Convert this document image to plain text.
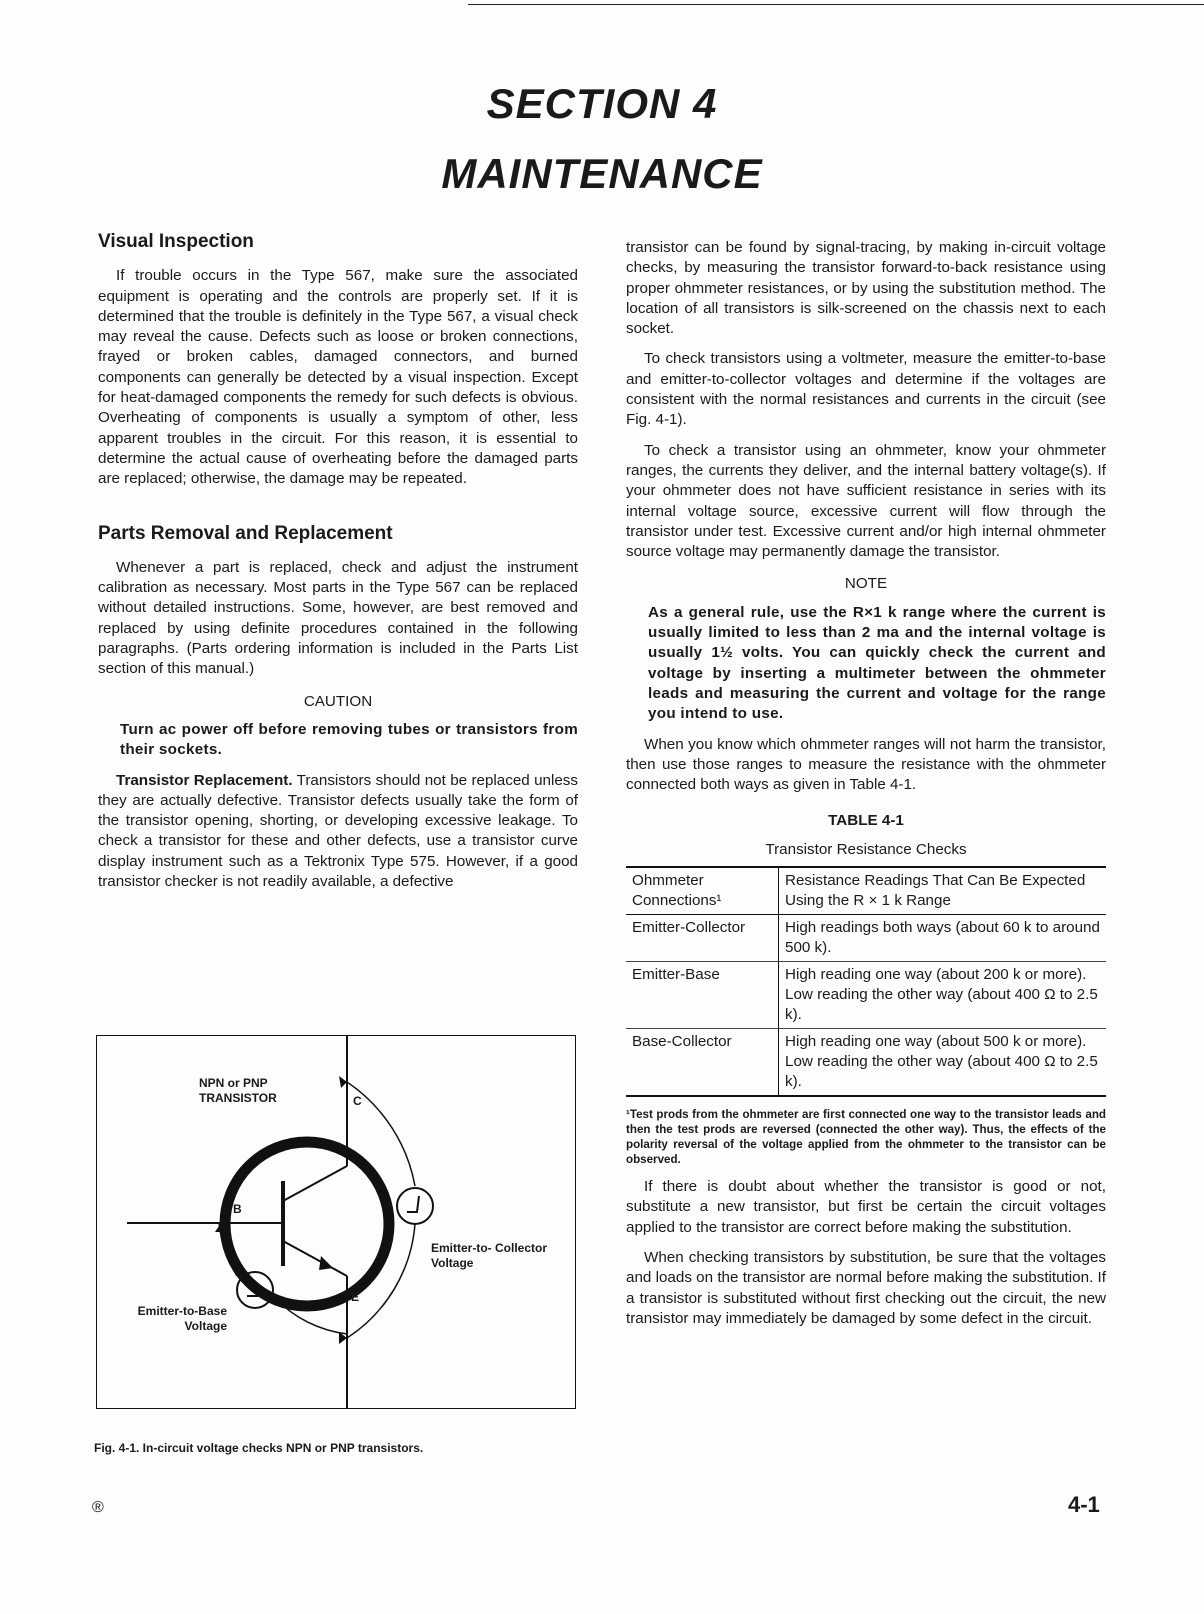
SECTION 4
MAINTENANCE
Visual Inspection

If trouble occurs in the Type 567, make sure the associated equipment is operating and the controls are properly set. If it is determined that the trouble is definitely in the Type 567, a visual check may reveal the cause. Defects such as loose or broken connections, frayed or broken cables, damaged connectors, and burned components can generally be detected by a visual inspection. Except for heat-damaged components the remedy for such defects is obvious. Overheating of components is usually a symptom of other, less apparent troubles in the circuit. For this reason, it is essential to determine the actual cause of overheating before the damaged parts are replaced; otherwise, the damage may be repeated.

Parts Removal and Replacement

Whenever a part is replaced, check and adjust the instrument calibration as necessary. Most parts in the Type 567 can be replaced without detailed instructions. Some, however, are best removed and replaced by using definite procedures contained in the following paragraphs. (Parts ordering information is included in the Parts List section of this manual.)

CAUTION

Turn ac power off before removing tubes or transistors from their sockets.

Transistor Replacement. Transistors should not be replaced unless they are actually defective. Transistor defects usually take the form of the transistor opening, shorting, or developing excessive leakage. To check a transistor for these and other defects, use a transistor curve display instrument such as a Tektronix Type 575. However, if a good transistor checker is not readily available, a defective

NPN or PNP TRANSISTOR	C
B
E
Emitter-to- Collector Voltage
Emitter-to-Base Voltage
Fig. 4-1. In-circuit voltage checks NPN or PNP transistors.

transistor can be found by signal-tracing, by making in-circuit voltage checks, by measuring the transistor forward-to-back resistance using proper ohmmeter resistances, or by using the substitution method. The location of all transistors is silk-screened on the chassis next to each socket.

To check transistors using a voltmeter, measure the emitter-to-base and emitter-to-collector voltages and determine if the voltages are consistent with the normal resistances and currents in the circuit (see Fig. 4-1).

To check a transistor using an ohmmeter, know your ohmmeter ranges, the currents they deliver, and the internal battery voltage(s). If your ohmmeter does not have sufficient resistance in series with its internal voltage source, excessive current will flow through the transistor under test. Excessive current and/or high internal ohmmeter source voltage may permanently damage the transistor.

NOTE

As a general rule, use the R×1 k range where the current is usually limited to less than 2 ma and the internal voltage is usually 1½ volts. You can quickly check the current and voltage by inserting a multimeter between the ohmmeter leads and measuring the current and voltage for the range you intend to use.

When you know which ohmmeter ranges will not harm the transistor, then use those ranges to measure the resistance with the ohmmeter connected both ways as given in Table 4-1.

TABLE 4-1
Transistor Resistance Checks
Ohmmeter Connections¹	Resistance Readings That Can Be Expected Using the R × 1 k Range
Emitter-Collector	High readings both ways (about 60 k to around 500 k).
Emitter-Base	High reading one way (about 200 k or more). Low reading the other way (about 400 Ω to 2.5 k).
Base-Collector	High reading one way (about 500 k or more). Low reading the other way (about 400 Ω to 2.5 k).
¹Test prods from the ohmmeter are first connected one way to the transistor leads and then the test prods are reversed (connected the other way). Thus, the effects of the polarity reversal of the voltage applied from the ohmmeter to the transistor can be observed.

If there is doubt about whether the transistor is good or not, substitute a new transistor, but first be certain the circuit voltages applied to the transistor are correct before making the substitution.

When checking transistors by substitution, be sure that the voltages and loads on the transistor are normal before making the substitution. If a transistor is substituted without first checking out the circuit, the new transistor may immediately be damaged by some defect in the circuit.

®	4-1
